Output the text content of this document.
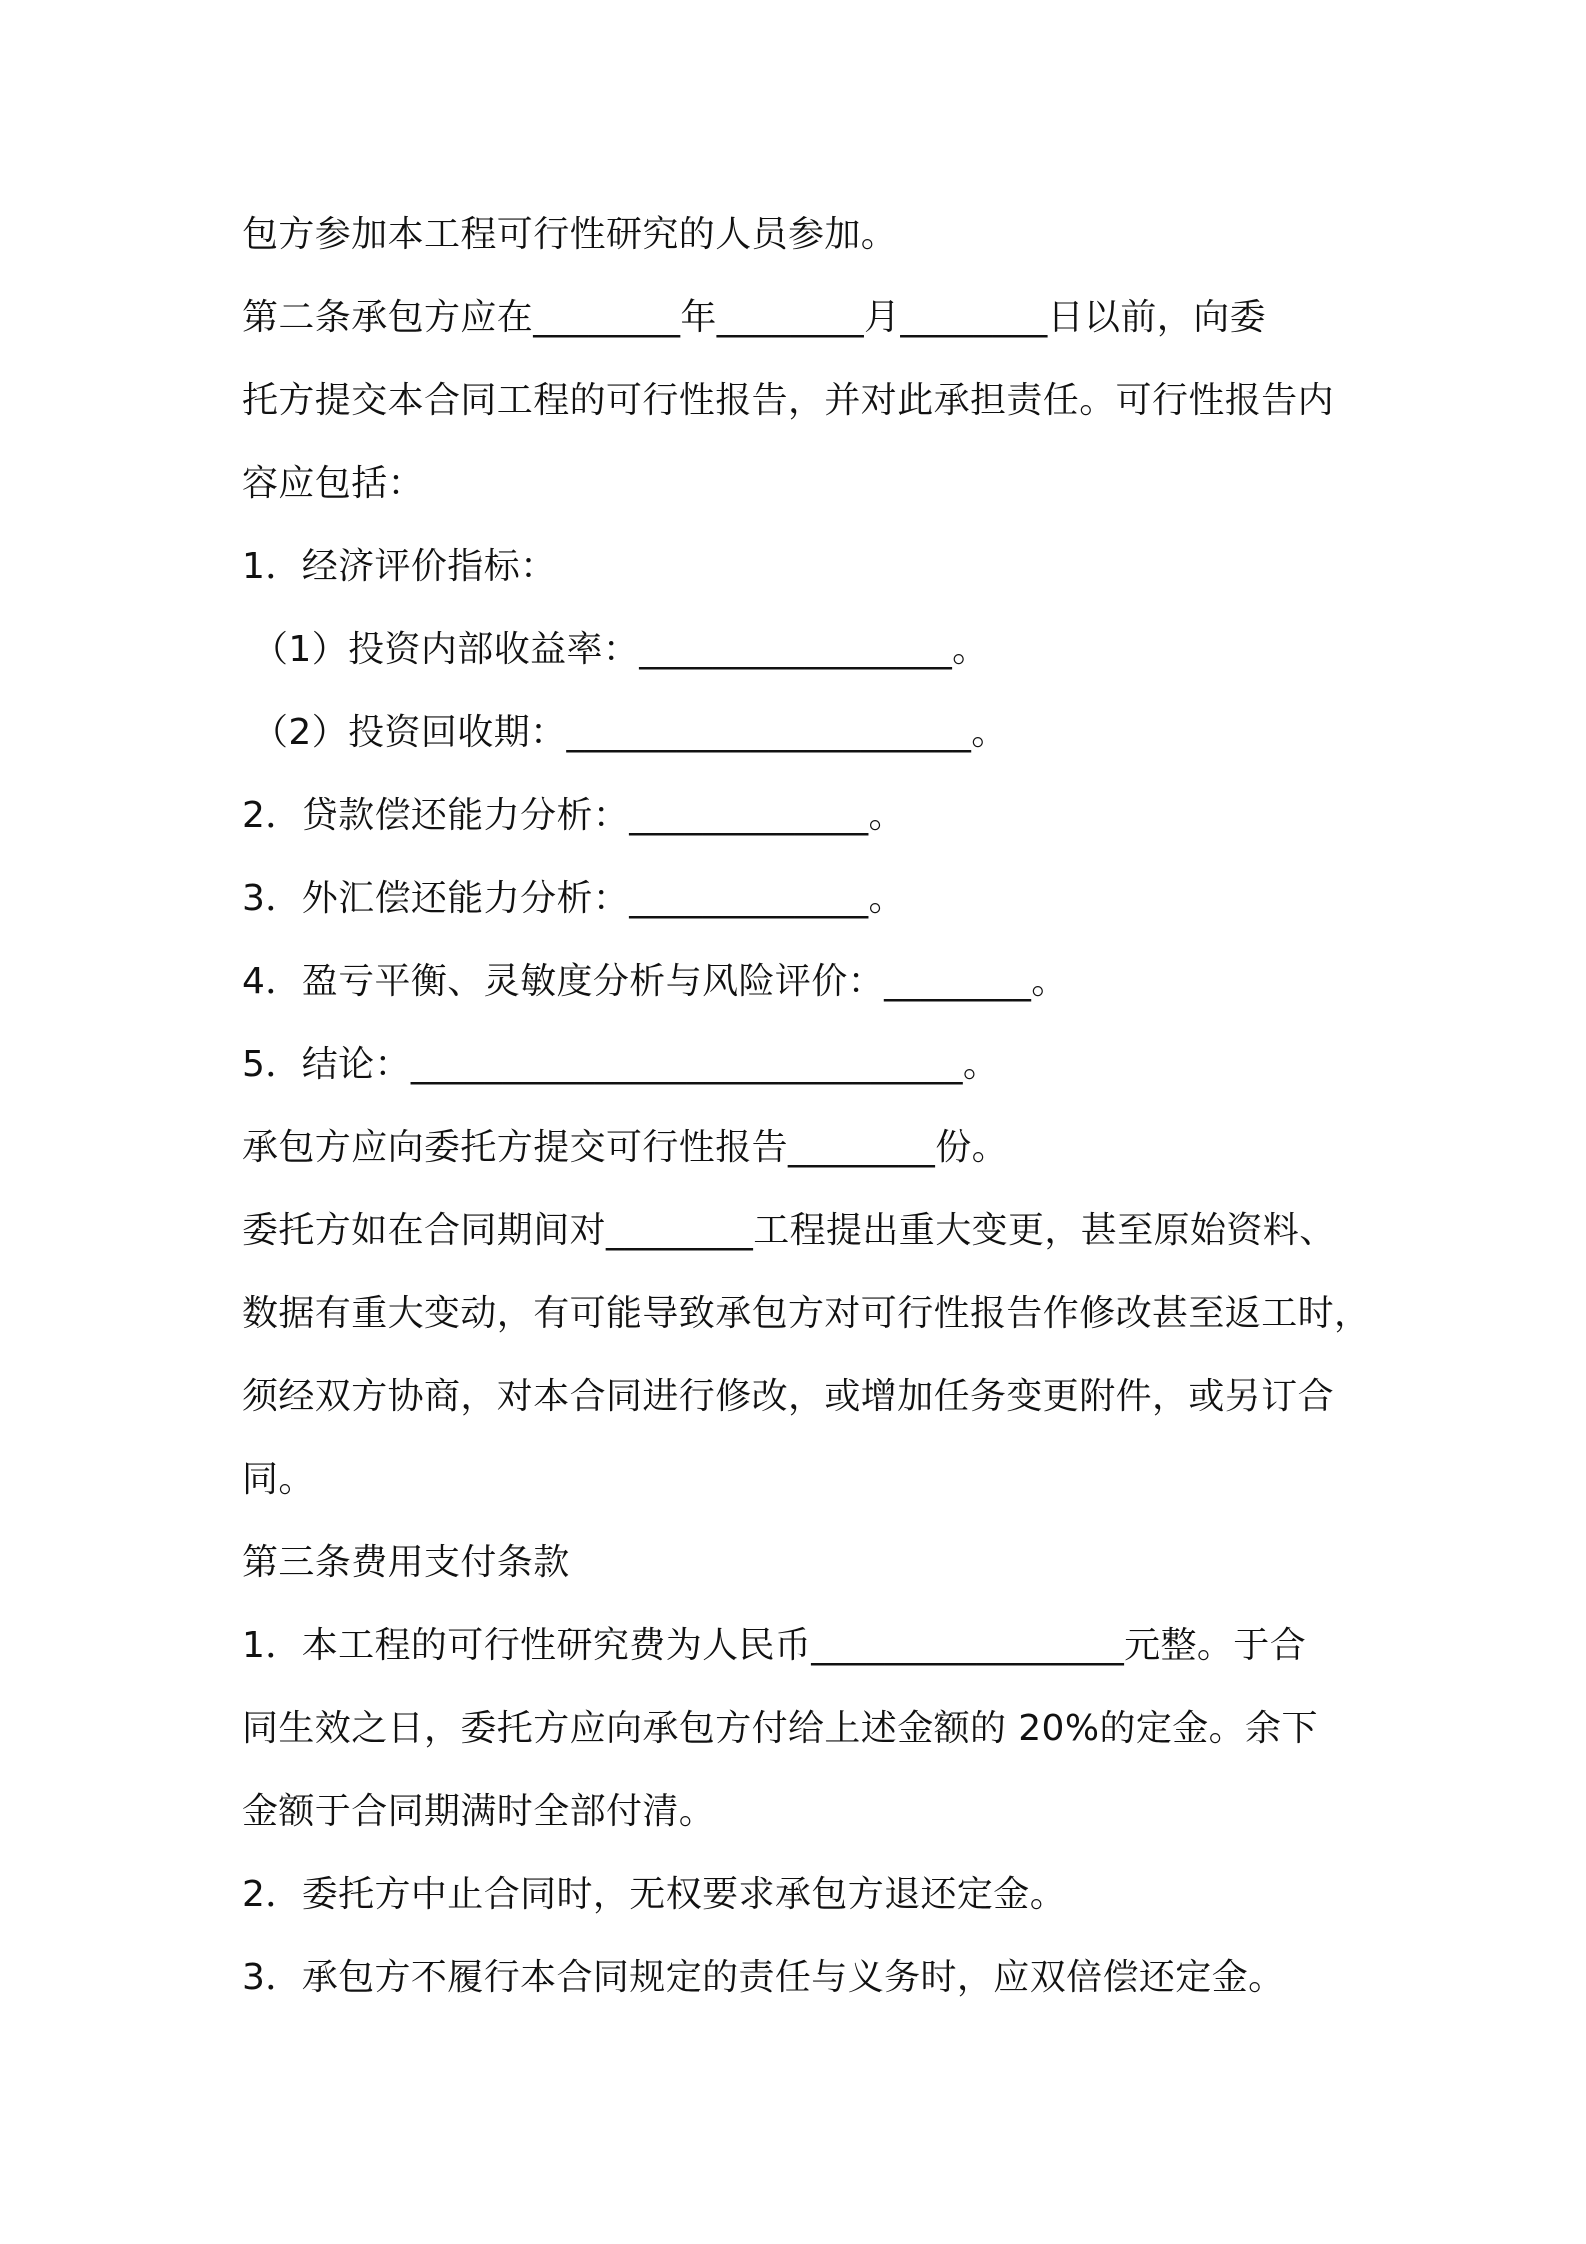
包方参加本工程可行性研究的人员参加。
第二条承包方应在________年________月________日以前，向委
托方提交本合同工程的可行性报告，并对此承担责任。可行性报告内
容应包括：
1．经济评价指标：
（1）投资内部收益率：_________________。
（2）投资回收期：______________________。
2．贷款偿还能力分析：_____________。
3．外汇偿还能力分析：_____________。
4．盈亏平衡、灵敏度分析与风险评价：________。
5．结论：______________________________。
承包方应向委托方提交可行性报告________份。
委托方如在合同期间对________工程提出重大变更，甚至原始资料、
数据有重大变动，有可能导致承包方对可行性报告作修改甚至返工时，
须经双方协商，对本合同进行修改，或增加任务变更附件，或另订合
同。
第三条费用支付条款
1．本工程的可行性研究费为人民币_________________元整。于合
同生效之日，委托方应向承包方付给上述金额的 20%的定金。余下
金额于合同期满时全部付清。
2．委托方中止合同时，无权要求承包方退还定金。
3．承包方不履行本合同规定的责任与义务时，应双倍偿还定金。
